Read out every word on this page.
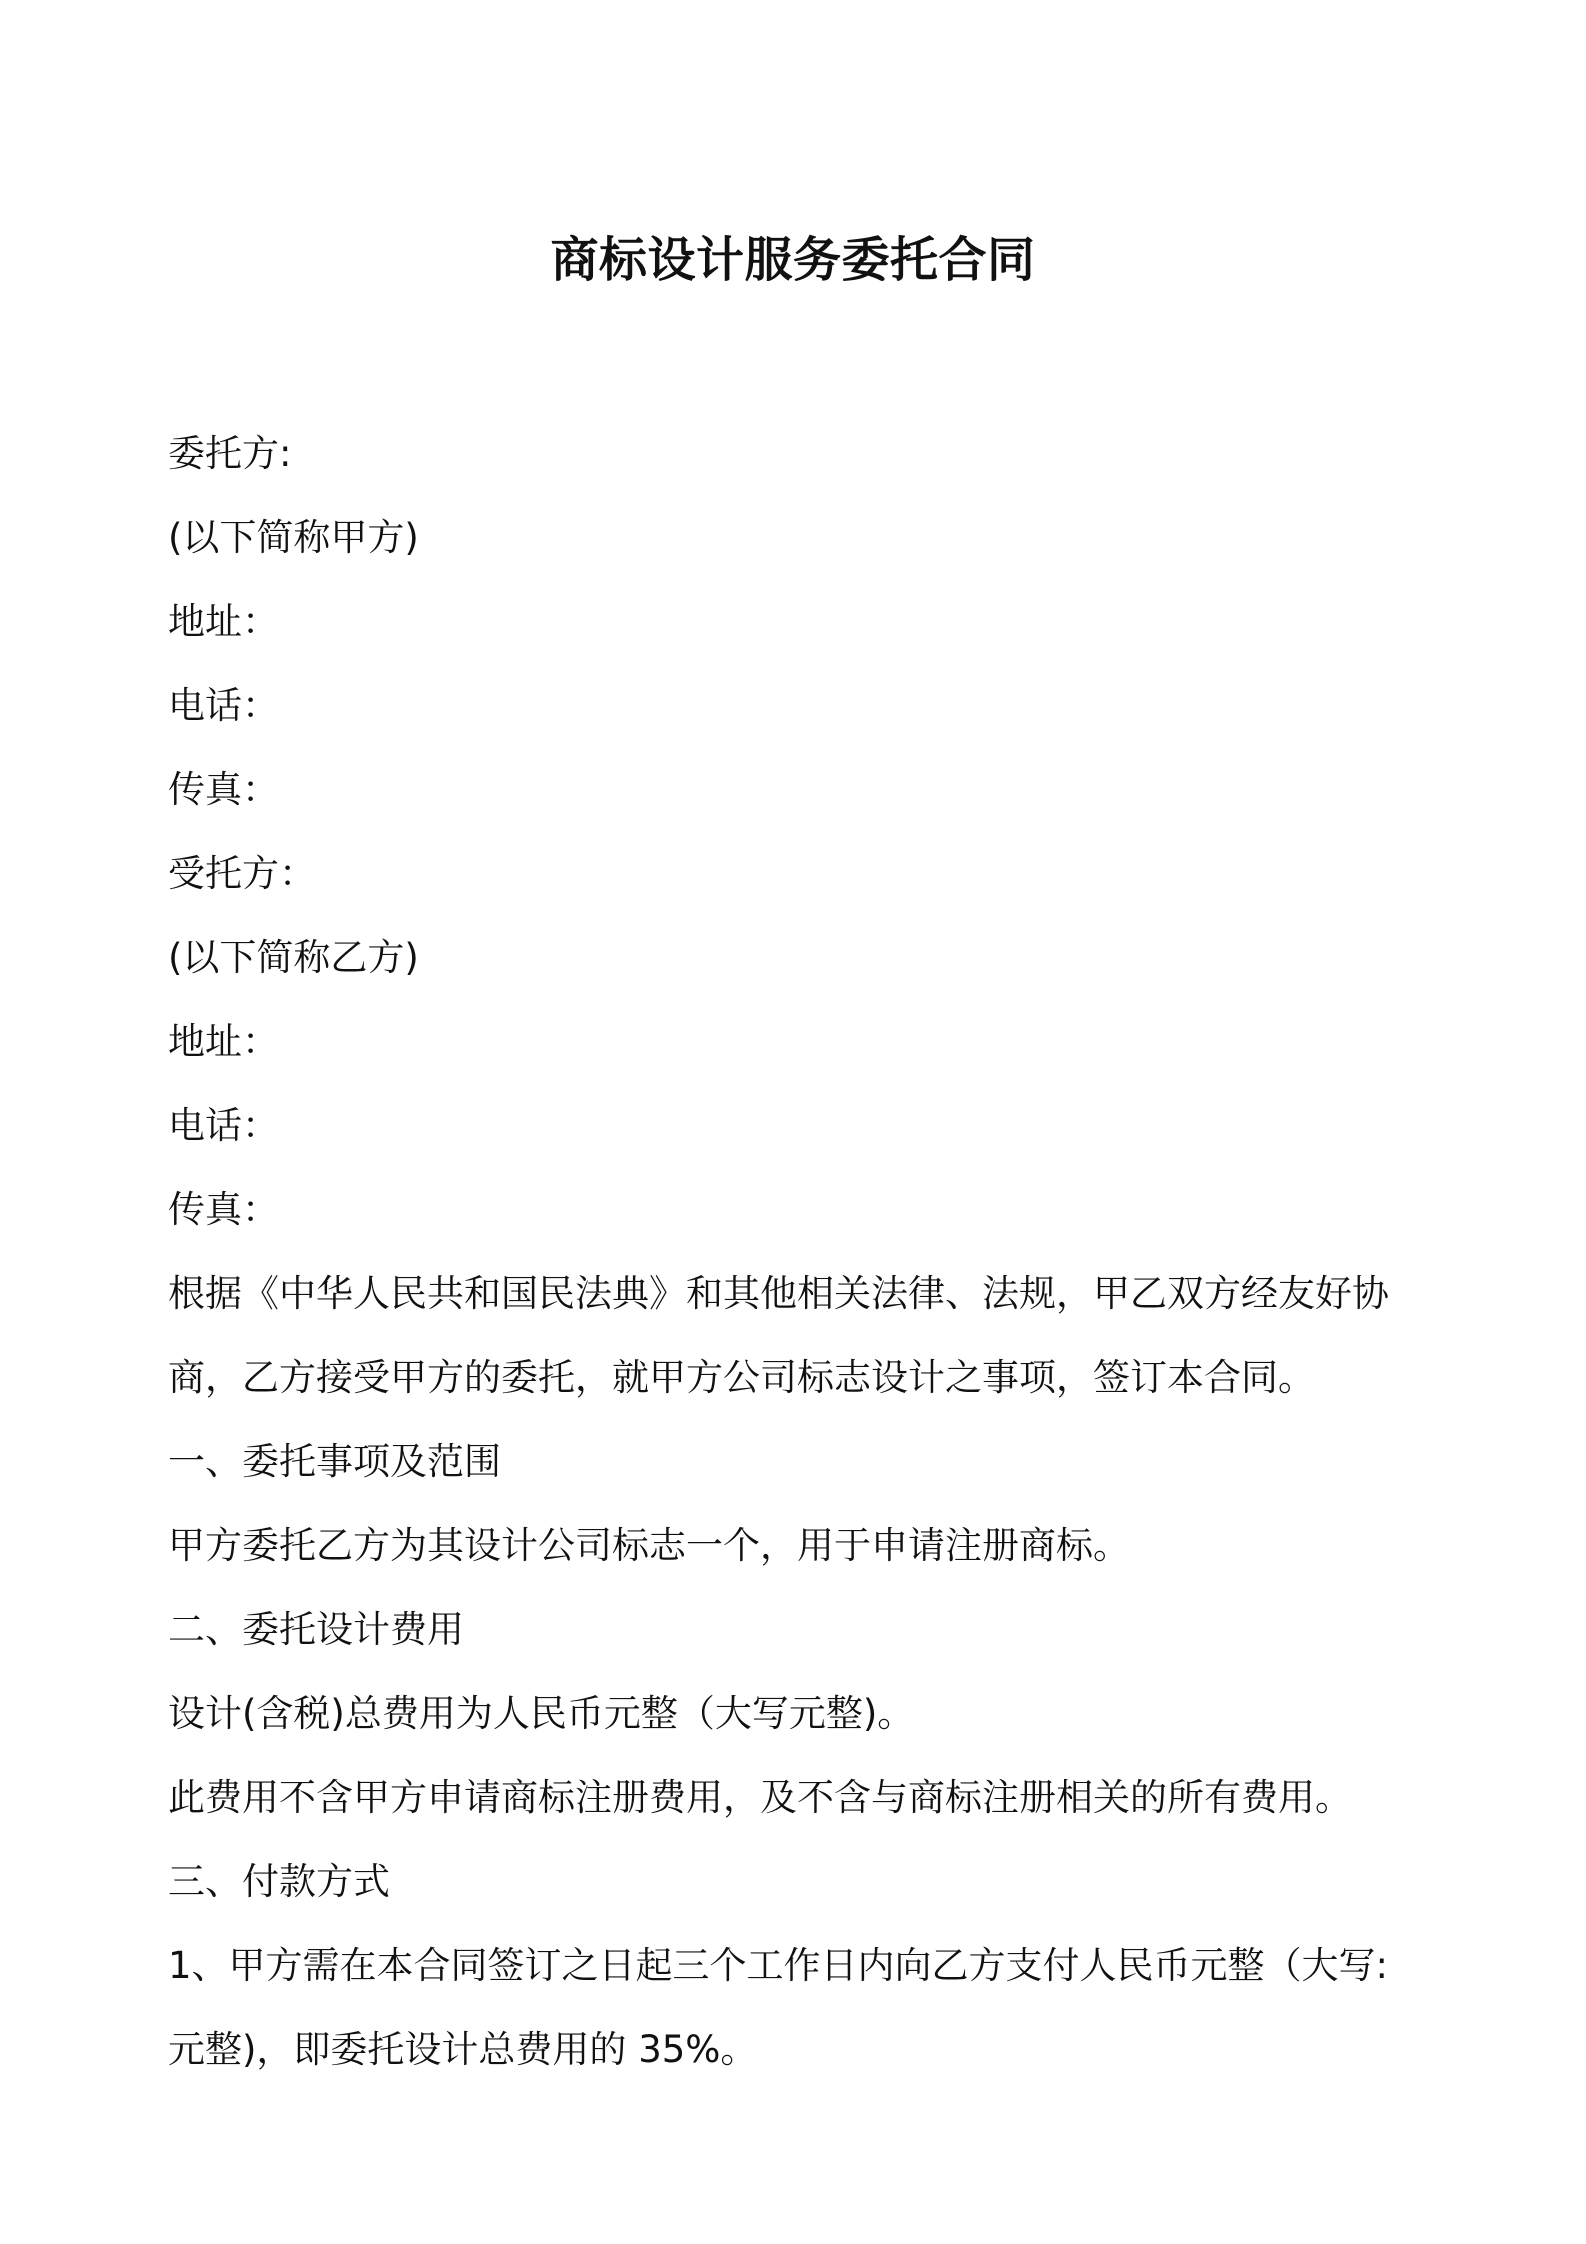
商标设计服务委托合同
委托方:
(以下简称甲方)
地址：
电话：
传真：
受托方：
(以下简称乙方)
地址：
电话：
传真：
根据《中华人民共和国民法典》和其他相关法律、法规，甲乙双方经友好协
商，乙方接受甲方的委托，就甲方公司标志设计之事项，签订本合同。
一、委托事项及范围
甲方委托乙方为其设计公司标志一个，用于申请注册商标。
二、委托设计费用
设计(含税)总费用为人民币元整（大写元整)。
此费用不含甲方申请商标注册费用，及不含与商标注册相关的所有费用。
三、付款方式
1、甲方需在本合同签订之日起三个工作日内向乙方支付人民币元整（大写:
元整)，即委托设计总费用的 35%。
